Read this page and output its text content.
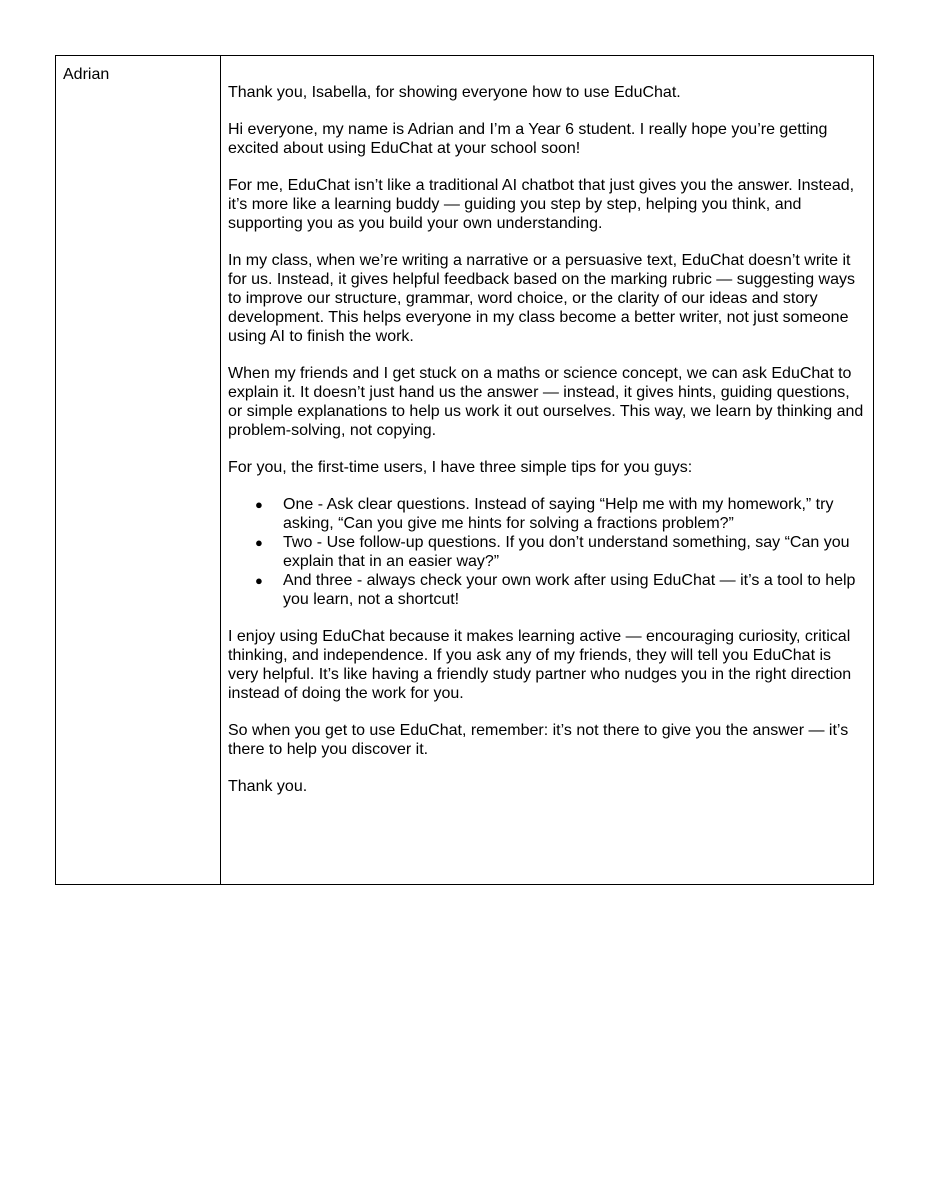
Adrian

Thank you, Isabella, for showing everyone how to use EduChat.

Hi everyone, my name is Adrian and I’m a Year 6 student. I really hope you’re getting excited about using EduChat at your school soon!

For me, EduChat isn’t like a traditional AI chatbot that just gives you the answer. Instead, it’s more like a learning buddy — guiding you step by step, helping you think, and supporting you as you build your own understanding.

In my class, when we’re writing a narrative or a persuasive text, EduChat doesn’t write it for us. Instead, it gives helpful feedback based on the marking rubric — suggesting ways to improve our structure, grammar, word choice, or the clarity of our ideas and story development. This helps everyone in my class become a better writer, not just someone using AI to finish the work.

When my friends and I get stuck on a maths or science concept, we can ask EduChat to explain it. It doesn’t just hand us the answer — instead, it gives hints, guiding questions, or simple explanations to help us work it out ourselves. This way, we learn by thinking and problem-solving, not copying.

For you, the first-time users, I have three simple tips for you guys:

● One - Ask clear questions. Instead of saying “Help me with my homework,” try asking, “Can you give me hints for solving a fractions problem?”
● Two - Use follow-up questions. If you don’t understand something, say “Can you explain that in an easier way?”
● And three - always check your own work after using EduChat — it’s a tool to help you learn, not a shortcut!

I enjoy using EduChat because it makes learning active — encouraging curiosity, critical thinking, and independence. If you ask any of my friends, they will tell you EduChat is very helpful. It’s like having a friendly study partner who nudges you in the right direction instead of doing the work for you.

So when you get to use EduChat, remember: it’s not there to give you the answer — it’s there to help you discover it.

Thank you.
